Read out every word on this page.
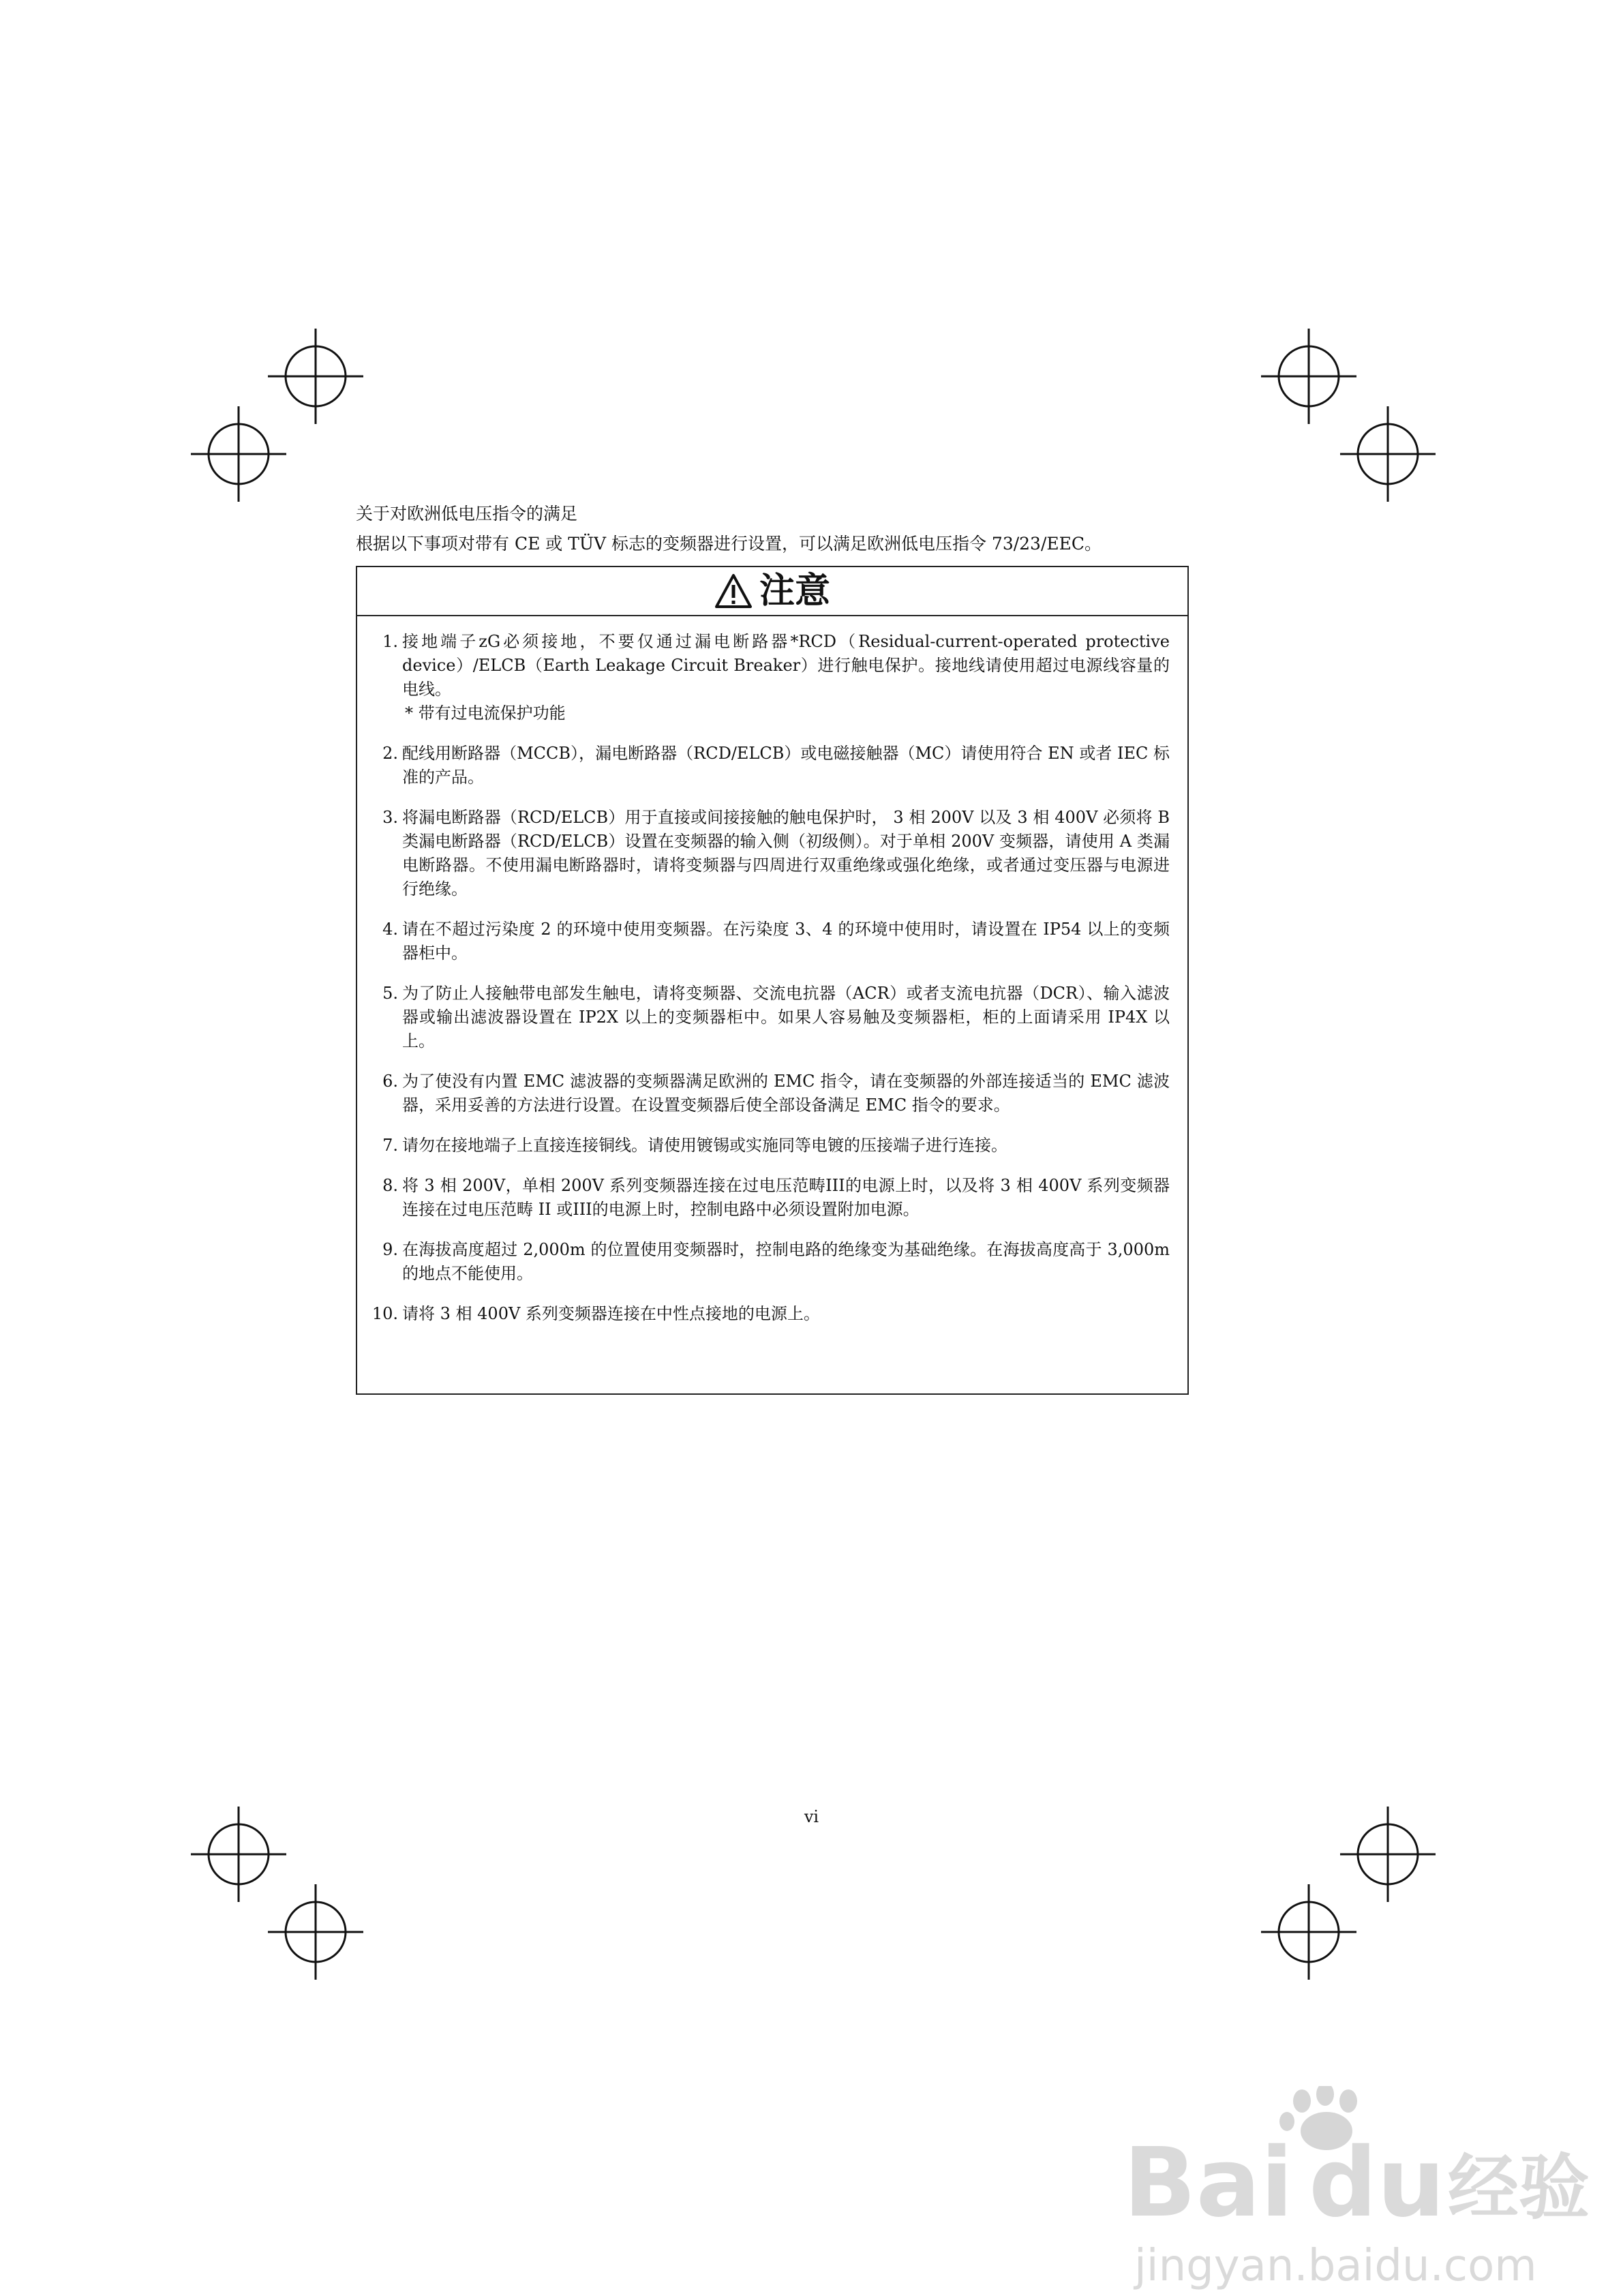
关于对欧洲低电压指令的满足
根据以下事项对带有 CE 或 TÜV 标志的变频器进行设置，可以满足欧洲低电压指令 73/23/EEC。
注意
1. 接地端子zG必须接地，不要仅通过漏电断路器*RCD（Residual-current-operated protective device）/ELCB（Earth Leakage Circuit Breaker）进行触电保护。接地线请使用超过电源线容量的电线。
* 带有过电流保护功能
2. 配线用断路器（MCCB），漏电断路器（RCD/ELCB）或电磁接触器（MC）请使用符合 EN 或者 IEC 标准的产品。
3. 将漏电断路器（RCD/ELCB）用于直接或间接接触的触电保护时， 3 相 200V 以及 3 相 400V 必须将 B 类漏电断路器（RCD/ELCB）设置在变频器的输入侧（初级侧）。对于单相 200V 变频器，请使用 A 类漏电断路器。不使用漏电断路器时，请将变频器与四周进行双重绝缘或强化绝缘，或者通过变压器与电源进行绝缘。
4. 请在不超过污染度 2 的环境中使用变频器。在污染度 3、4 的环境中使用时，请设置在 IP54 以上的变频器柜中。
5. 为了防止人接触带电部发生触电，请将变频器、交流电抗器（ACR）或者支流电抗器（DCR）、输入滤波器或输出滤波器设置在 IP2X 以上的变频器柜中。如果人容易触及变频器柜，柜的上面请采用 IP4X 以上。
6. 为了使没有内置 EMC 滤波器的变频器满足欧洲的 EMC 指令，请在变频器的外部连接适当的 EMC 滤波器，采用妥善的方法进行设置。在设置变频器后使全部设备满足 EMC 指令的要求。
7. 请勿在接地端子上直接连接铜线。请使用镀锡或实施同等电镀的压接端子进行连接。
8. 将 3 相 200V，单相 200V 系列变频器连接在过电压范畴III的电源上时，以及将 3 相 400V 系列变频器连接在过电压范畴 II 或III的电源上时，控制电路中必须设置附加电源。
9. 在海拔高度超过 2,000m 的位置使用变频器时，控制电路的绝缘变为基础绝缘。在海拔高度高于 3,000m 的地点不能使用。
10. 请将 3 相 400V 系列变频器连接在中性点接地的电源上。
vi
Bai du 经验
jingyan.baidu.com
